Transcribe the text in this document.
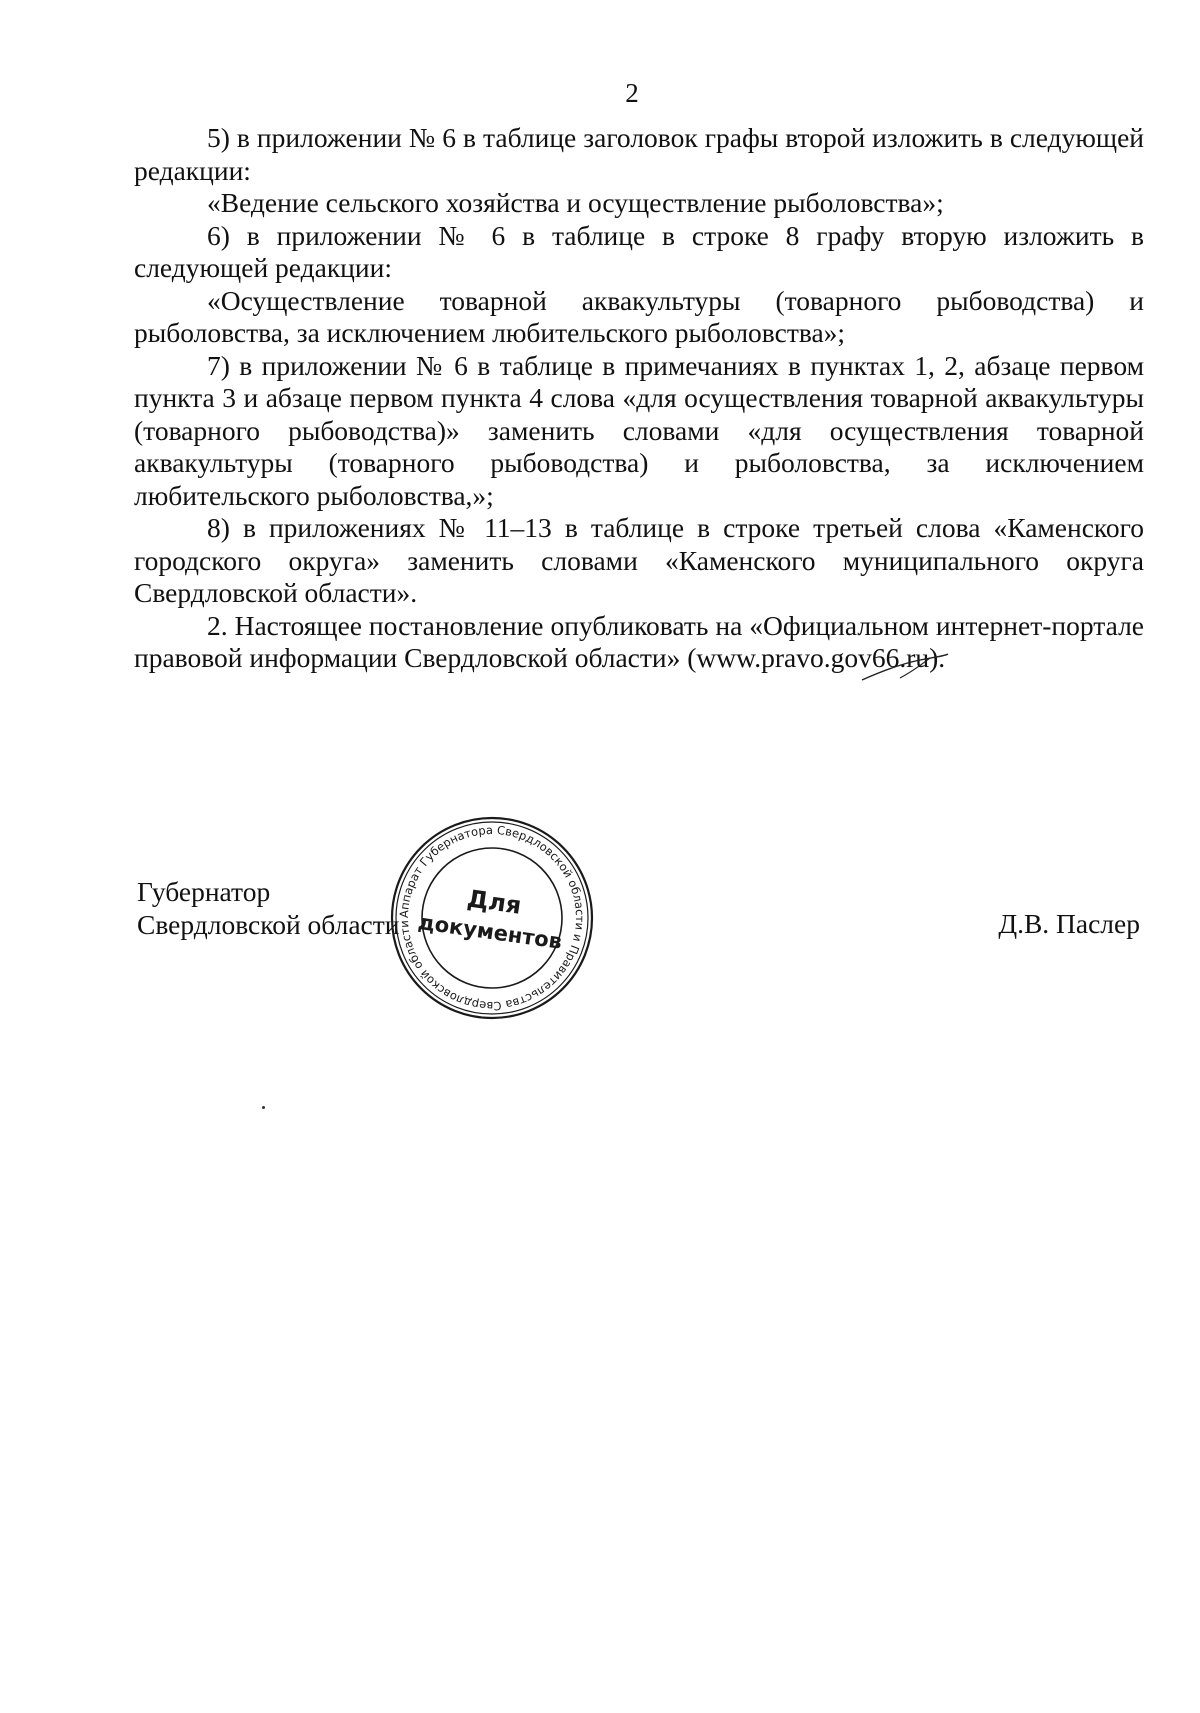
2

5) в приложении № 6 в таблице заголовок графы второй изложить в следующей редакции:

«Ведение сельского хозяйства и осуществление рыболовства»;

6) в приложении № 6 в таблице в строке 8 графу вторую изложить в следующей редакции:

«Осуществление товарной аквакультуры (товарного рыбоводства) и рыболовства, за исключением любительского рыболовства»;

7) в приложении № 6 в таблице в примечаниях в пунктах 1, 2, абзаце первом пункта 3 и абзаце первом пункта 4 слова «для осуществления товарной аквакультуры (товарного рыбоводства)» заменить словами «для осуществления товарной аквакультуры (товарного рыбоводства) и рыболовства, за исключением любительского рыболовства,»;

8) в приложениях № 11–13 в таблице в строке третьей слова «Каменского городского округа» заменить словами «Каменского муниципального округа Свердловской области».

2. Настоящее постановление опубликовать на «Официальном интернет-портале правовой информации Свердловской области» (www.pravo.gov66.ru).

Губернатор
Свердловской области	Д.В. Паслер
Аппарат Губернатора Свердловской области и Правительства Свердловской области
Для
документов
